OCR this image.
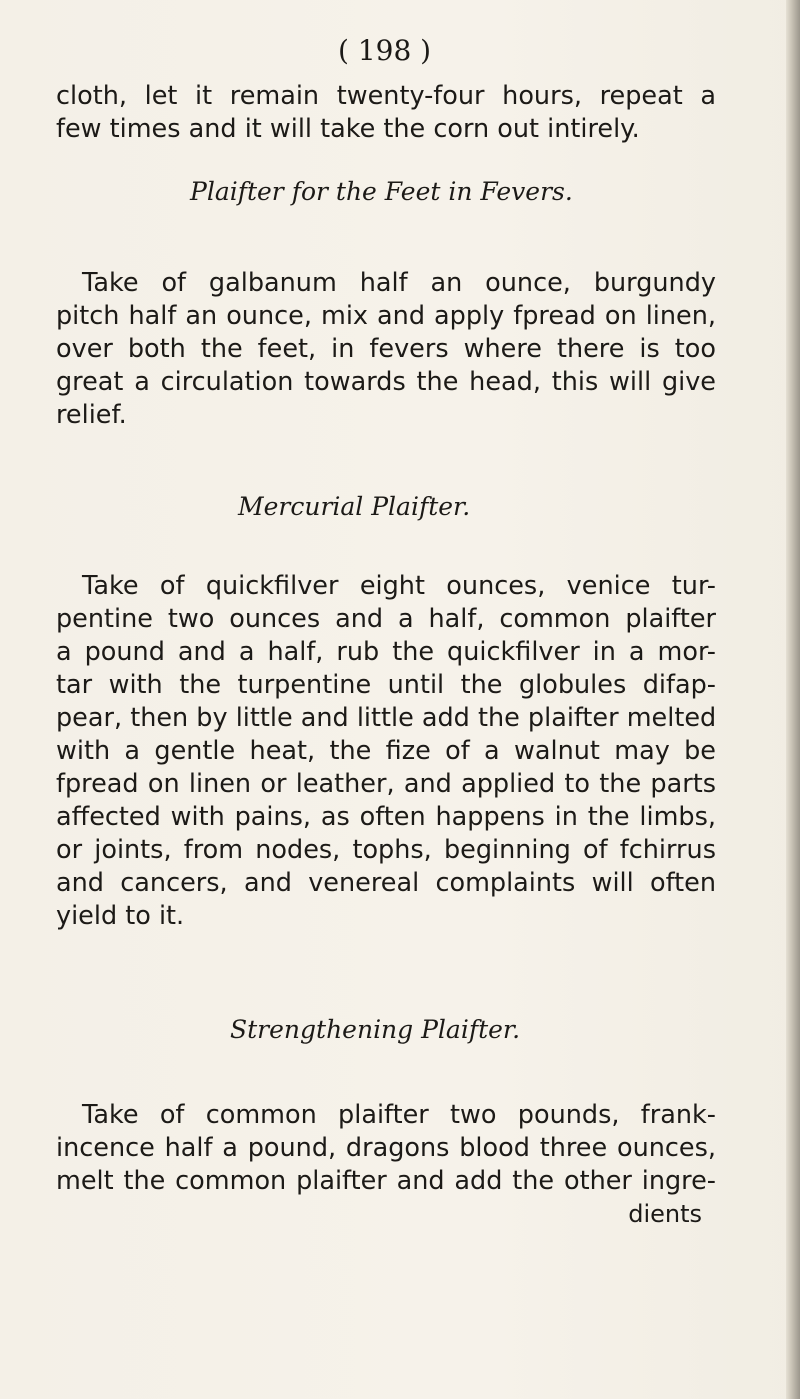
( 198 )
cloth, let it remain twenty-four hours, repeat a
few times and it will take the corn out intirely.
Plaifter for the Feet in Fevers.
Take of galbanum half an ounce, burgundy
pitch half an ounce, mix and apply fpread on linen,
over both the feet, in fevers where there is too
great a circulation towards the head, this will give
relief.
Mercurial Plaifter.
Take of quickfilver eight ounces, venice tur-
pentine two ounces and a half, common plaifter
a pound and a half, rub the quickfilver in a mor-
tar with the turpentine until the globules difap-
pear, then by little and little add the plaifter melted
with a gentle heat, the fize of a walnut may be
fpread on linen or leather, and applied to the parts
affected with pains, as often happens in the limbs,
or joints, from nodes, tophs, beginning of fchirrus
and cancers, and venereal complaints will often
yield to it.
Strengthening Plaifter.
Take of common plaifter two pounds, frank-
incence half a pound, dragons blood three ounces,
melt the common plaifter and add the other ingre-
dients
